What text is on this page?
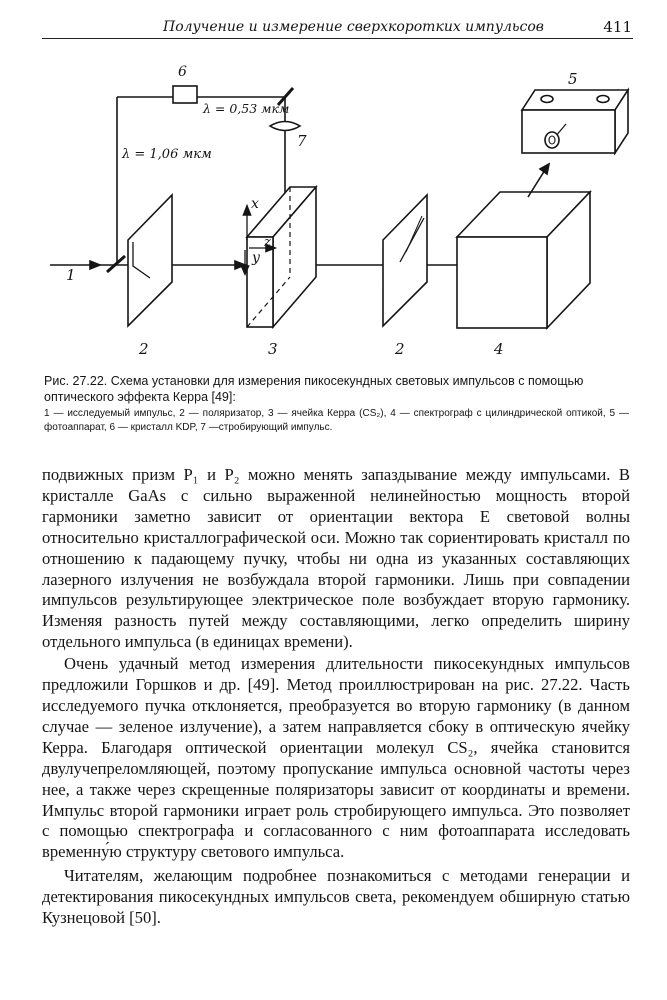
Получение и измерение сверхкоротких импульсов	411
6
λ = 0,53 мкм
λ = 1,06 мкм
7
5
x
z
y
1
2	3	2	4
Рис. 27.22. Схема установки для измерения пикосекундных световых импульсов с помощью оптического эффекта Керра [49]:
1 — исследуемый импульс, 2 — поляризатор, 3 — ячейка Керра (CS₂), 4 — спектрограф с цилиндрической оптикой, 5 — фотоаппарат, 6 — кристалл KDP, 7 —стробирующий импульс.

подвижных призм P₁ и P₂ можно менять запаздывание между импульсами. В кристалле GaAs с сильно выраженной нелинейностью мощность второй гармоники заметно зависит от ориентации вектора E световой волны относительно кристаллографической оси. Можно так сориентировать кристалл по отношению к падающему пучку, чтобы ни одна из указанных составляющих лазерного излучения не возбуждала второй гармоники. Лишь при совпадении импульсов результирующее электрическое поле возбуждает вторую гармонику. Изменяя разность путей между составляющими, легко определить ширину отдельного импульса (в единицах времени).

Очень удачный метод измерения длительности пикосекундных импульсов предложили Горшков и др. [49]. Метод проиллюстрирован на рис. 27.22. Часть исследуемого пучка отклоняется, преобразуется во вторую гармонику (в данном случае — зеленое излучение), а затем направляется сбоку в оптическую ячейку Керра. Благодаря оптической ориентации молекул CS₂, ячейка становится двулучепреломляющей, поэтому пропускание импульса основной частоты через нее, а также через скрещенные поляризаторы зависит от координаты и времени. Импульс второй гармоники играет роль стробирующего импульса. Это позволяет с помощью спектрографа и согласованного с ним фотоаппарата исследовать временну́ю структуру светового импульса.

Читателям, желающим подробнее познакомиться с методами генерации и детектирования пикосекундных импульсов света, рекомендуем обширную статью Кузнецовой [50].
